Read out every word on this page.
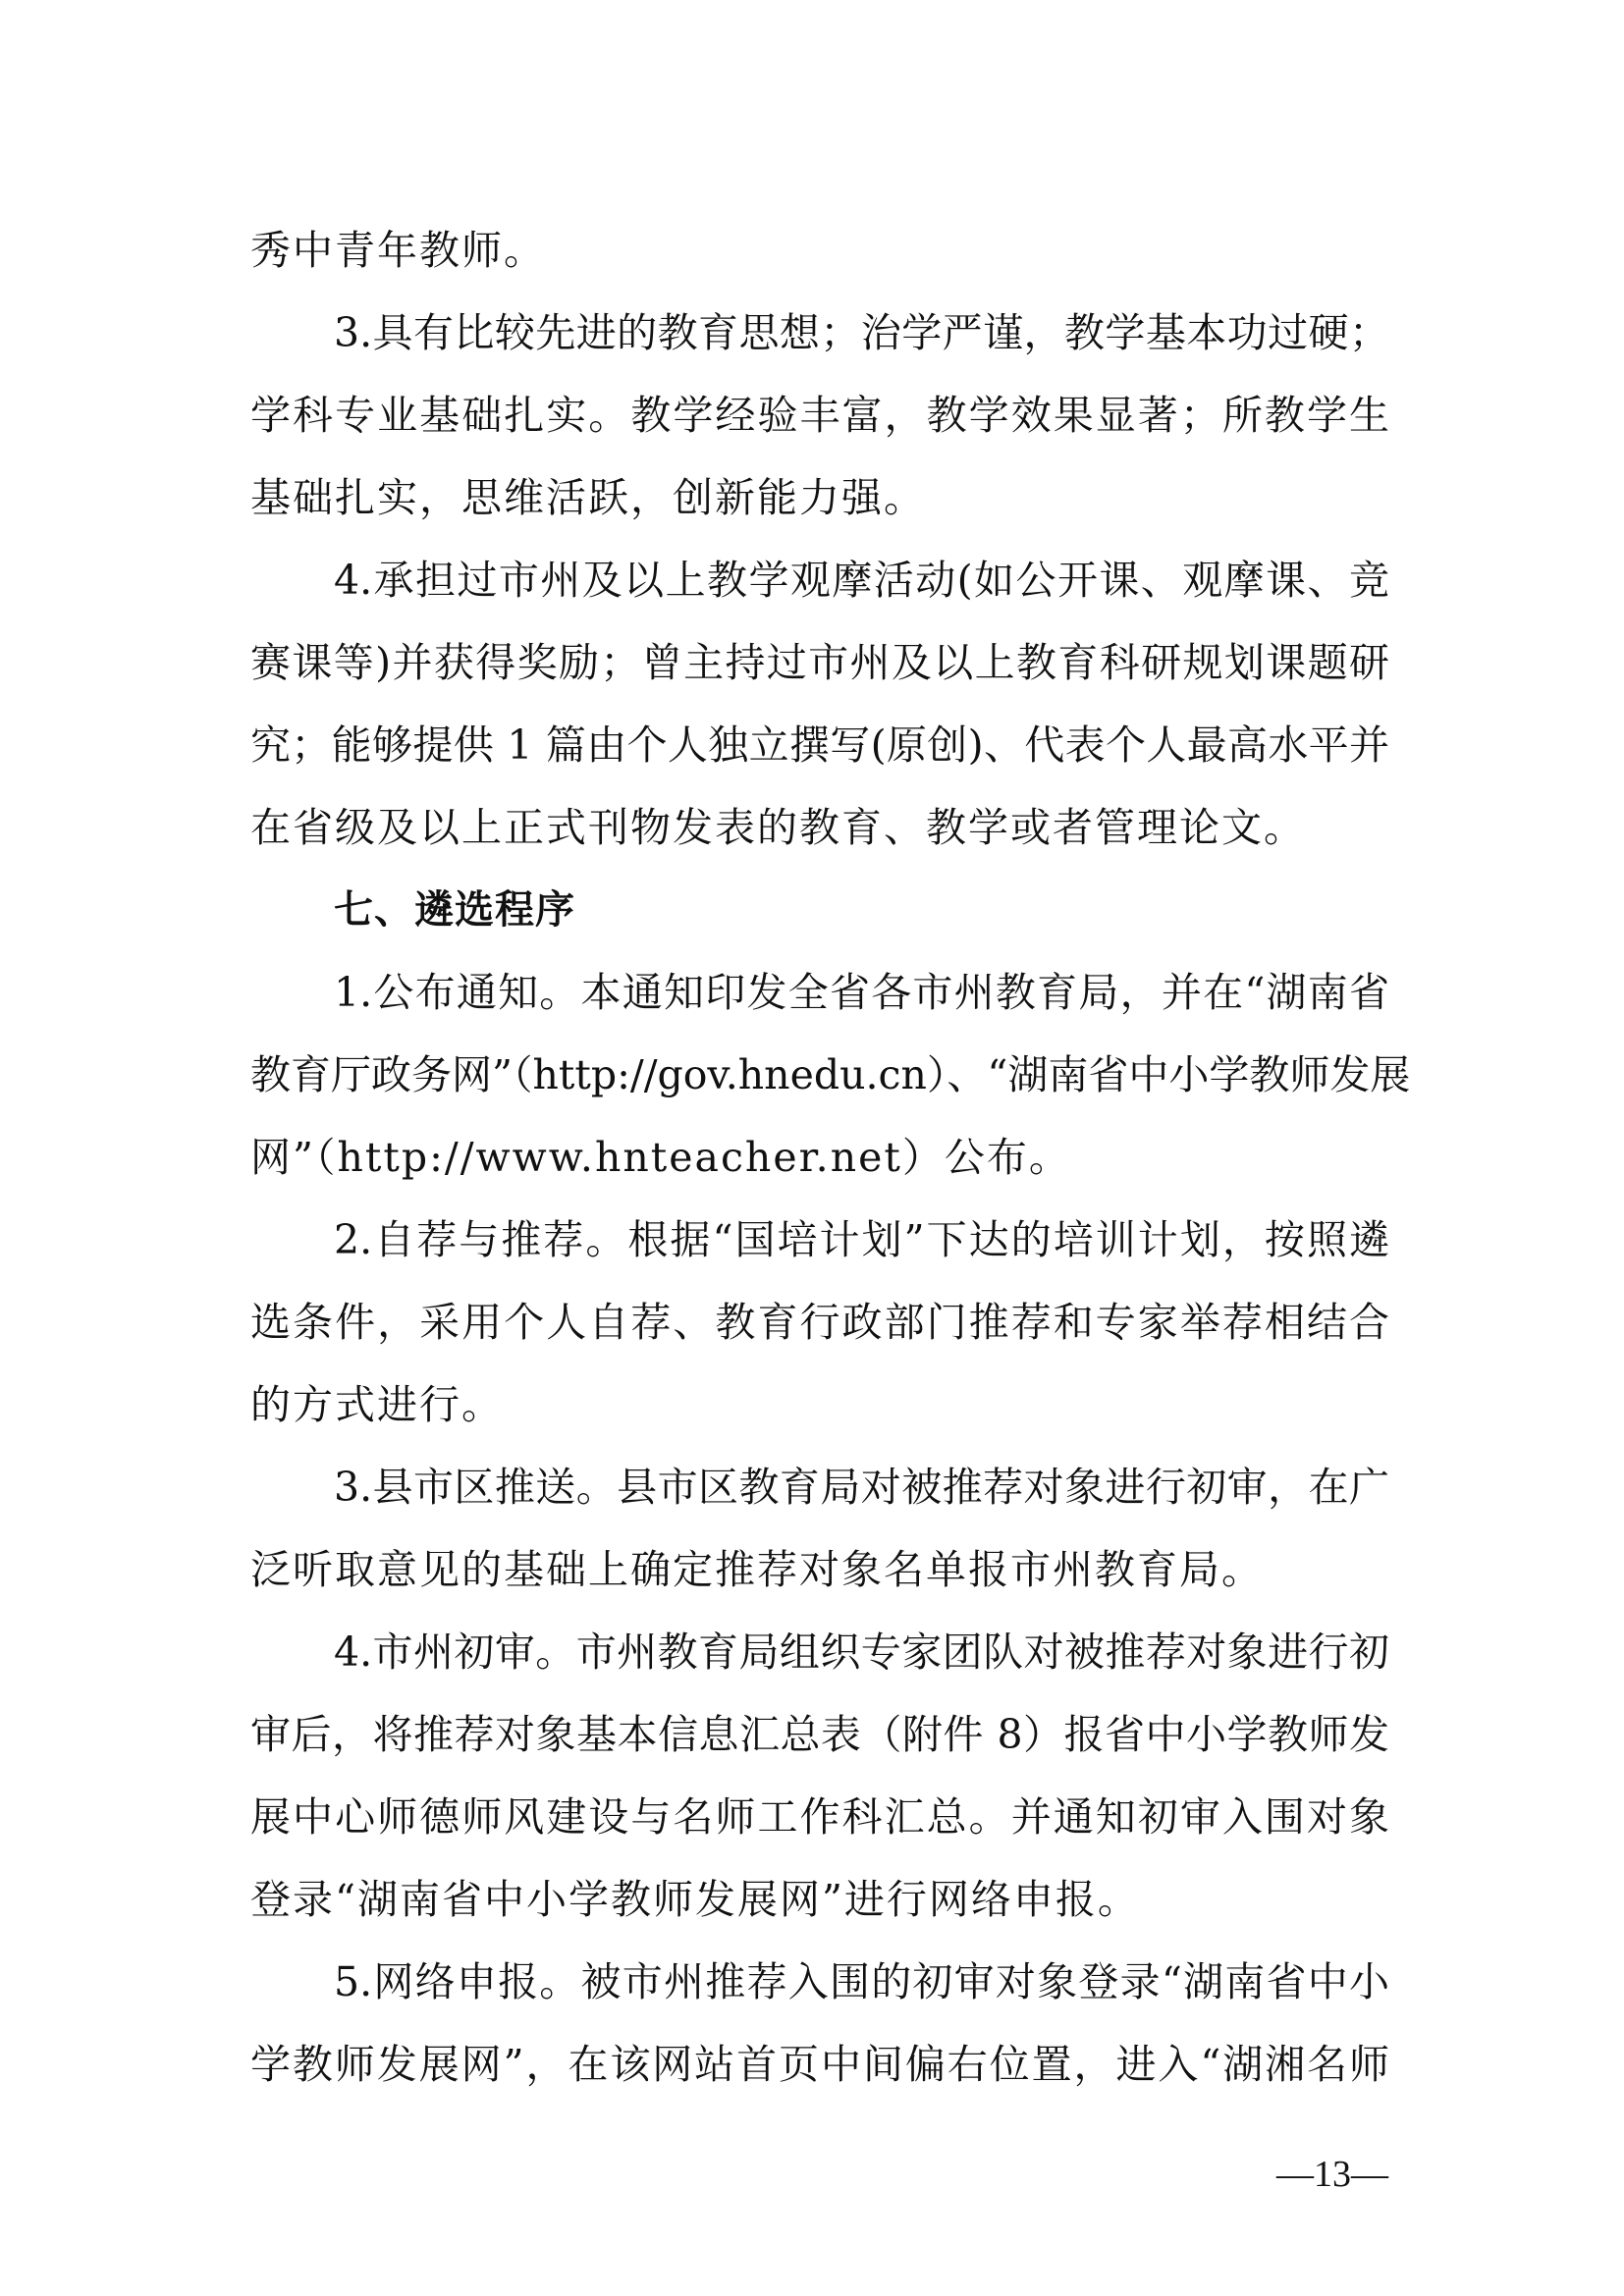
秀中青年教师。
3.具有比较先进的教育思想；治学严谨，教学基本功过硬；
学科专业基础扎实。教学经验丰富，教学效果显著；所教学生
基础扎实，思维活跃，创新能力强。
4.承担过市州及以上教学观摩活动(如公开课、观摩课、竞
赛课等)并获得奖励；曾主持过市州及以上教育科研规划课题研
究；能够提供 1 篇由个人独立撰写(原创)、代表个人最高水平并
在省级及以上正式刊物发表的教育、教学或者管理论文。
七、遴选程序
1.公布通知。本通知印发全省各市州教育局，并在“湖南省
教育厅政务网”（http://gov.hnedu.cn）、“湖南省中小学教师发展
网”（http://www.hnteacher.net）公布。
2.自荐与推荐。根据“国培计划”下达的培训计划，按照遴
选条件，采用个人自荐、教育行政部门推荐和专家举荐相结合
的方式进行。
3.县市区推送。县市区教育局对被推荐对象进行初审，在广
泛听取意见的基础上确定推荐对象名单报市州教育局。
4.市州初审。市州教育局组织专家团队对被推荐对象进行初
审后，将推荐对象基本信息汇总表（附件 8）报省中小学教师发
展中心师德师风建设与名师工作科汇总。并通知初审入围对象
登录“湖南省中小学教师发展网”进行网络申报。
5.网络申报。被市州推荐入围的初审对象登录“湖南省中小
学教师发展网”，在该网站首页中间偏右位置，进入“湖湘名师
—13—
